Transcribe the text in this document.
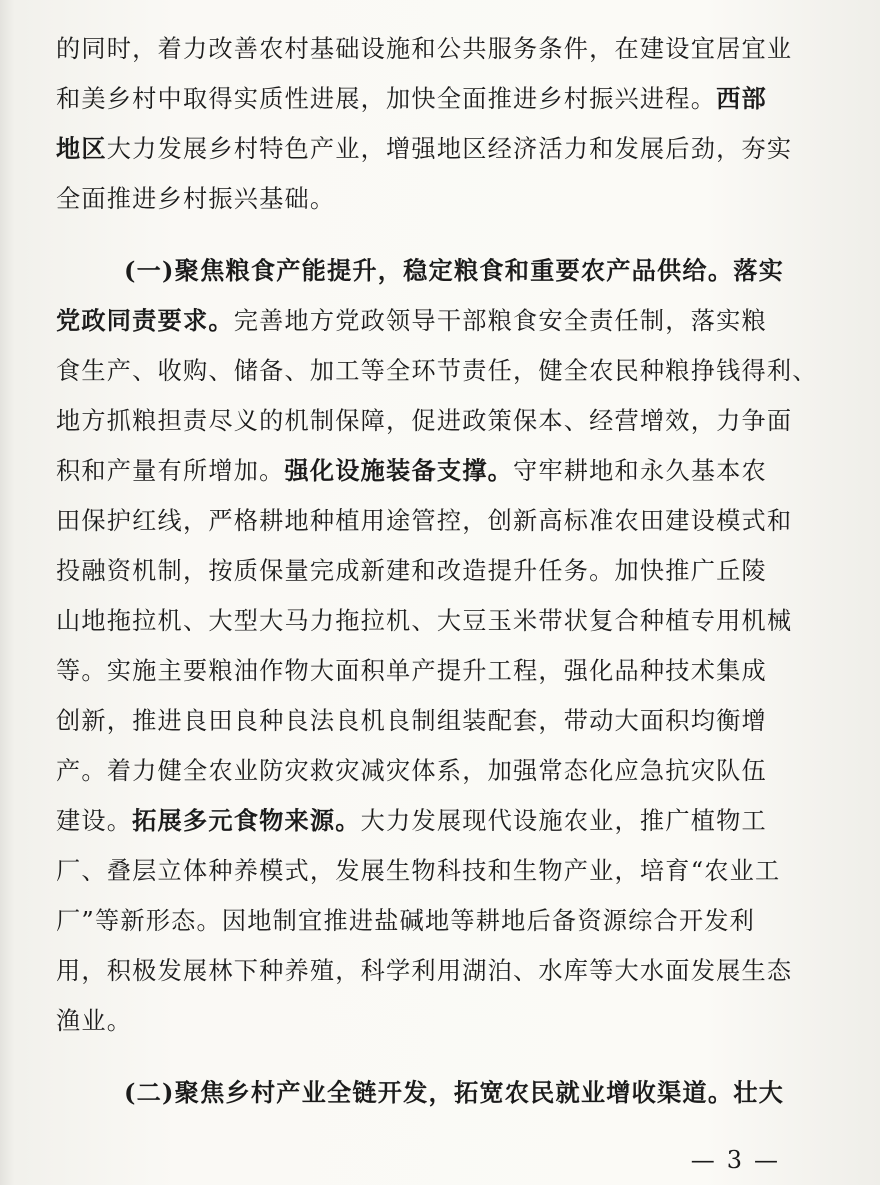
的同时，着力改善农村基础设施和公共服务条件，在建设宜居宜业
和美乡村中取得实质性进展，加快全面推进乡村振兴进程。西部
地区大力发展乡村特色产业，增强地区经济活力和发展后劲，夯实
全面推进乡村振兴基础。
(一)聚焦粮食产能提升，稳定粮食和重要农产品供给。落实
党政同责要求。完善地方党政领导干部粮食安全责任制，落实粮
食生产、收购、储备、加工等全环节责任，健全农民种粮挣钱得利、
地方抓粮担责尽义的机制保障，促进政策保本、经营增效，力争面
积和产量有所增加。强化设施装备支撑。守牢耕地和永久基本农
田保护红线，严格耕地种植用途管控，创新高标准农田建设模式和
投融资机制，按质保量完成新建和改造提升任务。加快推广丘陵
山地拖拉机、大型大马力拖拉机、大豆玉米带状复合种植专用机械
等。实施主要粮油作物大面积单产提升工程，强化品种技术集成
创新，推进良田良种良法良机良制组装配套，带动大面积均衡增
产。着力健全农业防灾救灾减灾体系，加强常态化应急抗灾队伍
建设。拓展多元食物来源。大力发展现代设施农业，推广植物工
厂、叠层立体种养模式，发展生物科技和生物产业，培育“农业工
厂”等新形态。因地制宜推进盐碱地等耕地后备资源综合开发利
用，积极发展林下种养殖，科学利用湖泊、水库等大水面发展生态
渔业。
(二)聚焦乡村产业全链开发，拓宽农民就业增收渠道。壮大
— 3 —
